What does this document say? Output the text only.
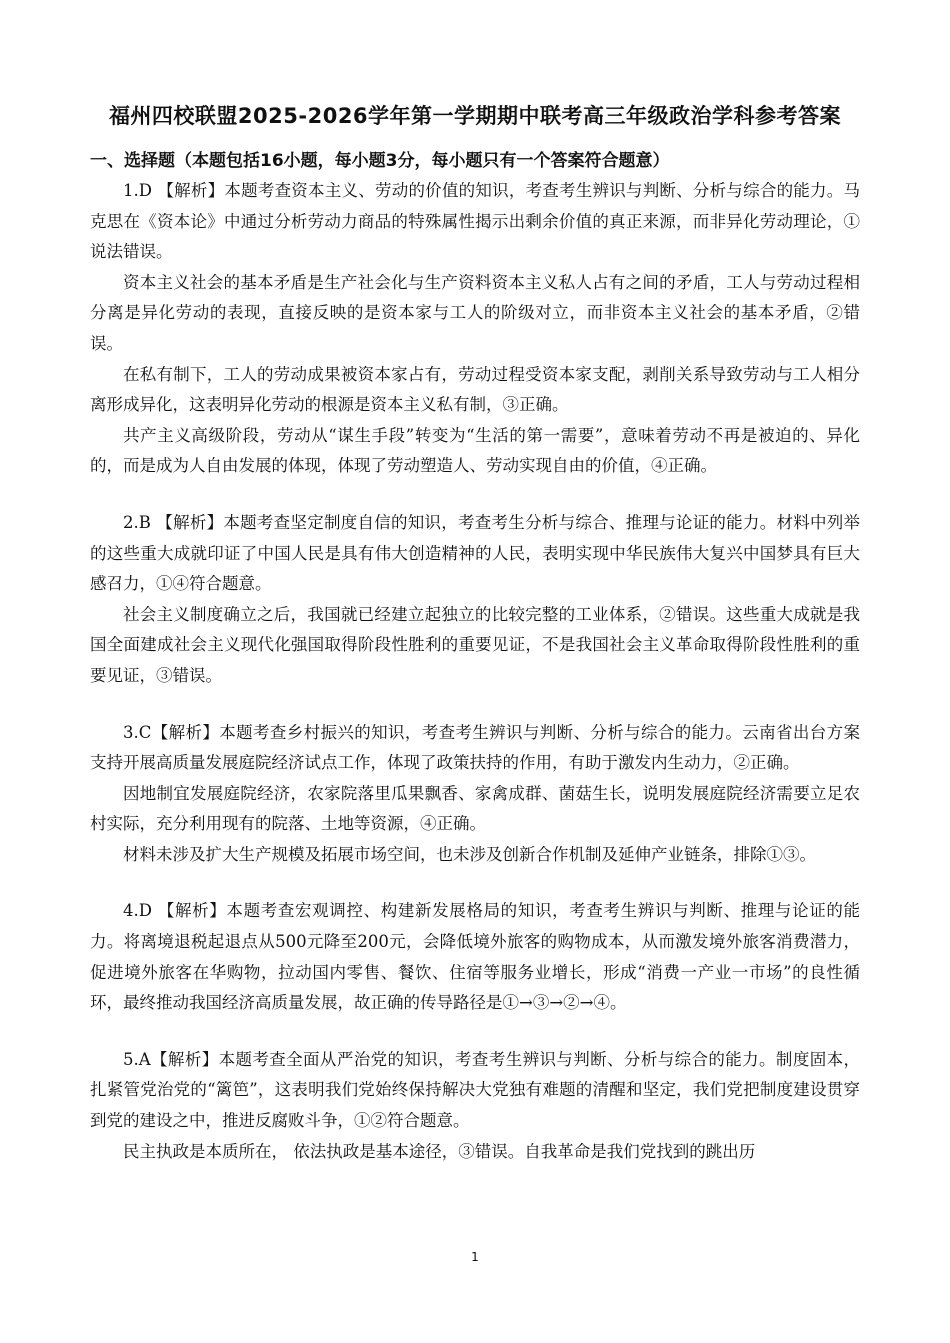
福州四校联盟2025-2026学年第一学期期中联考高三年级政治学科参考答案
一、选择题（本题包括16小题，每小题3分，每小题只有一个答案符合题意）

1.D 【解析】本题考查资本主义、劳动的价值的知识，考查考生辨识与判断、分析与综合的能力。马克思在《资本论》中通过分析劳动力商品的特殊属性揭示出剩余价值的真正来源，而非异化劳动理论，①说法错误。

资本主义社会的基本矛盾是生产社会化与生产资料资本主义私人占有之间的矛盾，工人与劳动过程相分离是异化劳动的表现，直接反映的是资本家与工人的阶级对立，而非资本主义社会的基本矛盾，②错误。

在私有制下，工人的劳动成果被资本家占有，劳动过程受资本家支配，剥削关系导致劳动与工人相分离形成异化，这表明异化劳动的根源是资本主义私有制，③正确。

共产主义高级阶段，劳动从“谋生手段”转变为“生活的第一需要”，意味着劳动不再是被迫的、异化的，而是成为人自由发展的体现，体现了劳动塑造人、劳动实现自由的价值，④正确。

2.B 【解析】本题考查坚定制度自信的知识，考查考生分析与综合、推理与论证的能力。材料中列举的这些重大成就印证了中国人民是具有伟大创造精神的人民，表明实现中华民族伟大复兴中国梦具有巨大感召力，①④符合题意。

社会主义制度确立之后，我国就已经建立起独立的比较完整的工业体系，②错误。这些重大成就是我国全面建成社会主义现代化强国取得阶段性胜利的重要见证，不是我国社会主义革命取得阶段性胜利的重要见证，③错误。

3.C【解析】本题考查乡村振兴的知识，考查考生辨识与判断、分析与综合的能力。云南省出台方案支持开展高质量发展庭院经济试点工作，体现了政策扶持的作用，有助于激发内生动力，②正确。

因地制宜发展庭院经济，农家院落里瓜果飘香、家禽成群、菌菇生长，说明发展庭院经济需要立足农村实际，充分利用现有的院落、土地等资源，④正确。

材料未涉及扩大生产规模及拓展市场空间，也未涉及创新合作机制及延伸产业链条，排除①③。

4.D 【解析】本题考查宏观调控、构建新发展格局的知识，考查考生辨识与判断、推理与论证的能力。将离境退税起退点从500元降至200元，会降低境外旅客的购物成本，从而激发境外旅客消费潜力，促进境外旅客在华购物，拉动国内零售、餐饮、住宿等服务业增长，形成“消费一产业一市场”的良性循环，最终推动我国经济高质量发展，故正确的传导路径是①→③→②→④。

5.A【解析】本题考查全面从严治党的知识，考查考生辨识与判断、分析与综合的能力。制度固本，扎紧管党治党的“篱笆”，这表明我们党始终保持解决大党独有难题的清醒和坚定，我们党把制度建设贯穿到党的建设之中，推进反腐败斗争，①②符合题意。

民主执政是本质所在， 依法执政是基本途径，③错误。自我革命是我们党找到的跳出历

1
